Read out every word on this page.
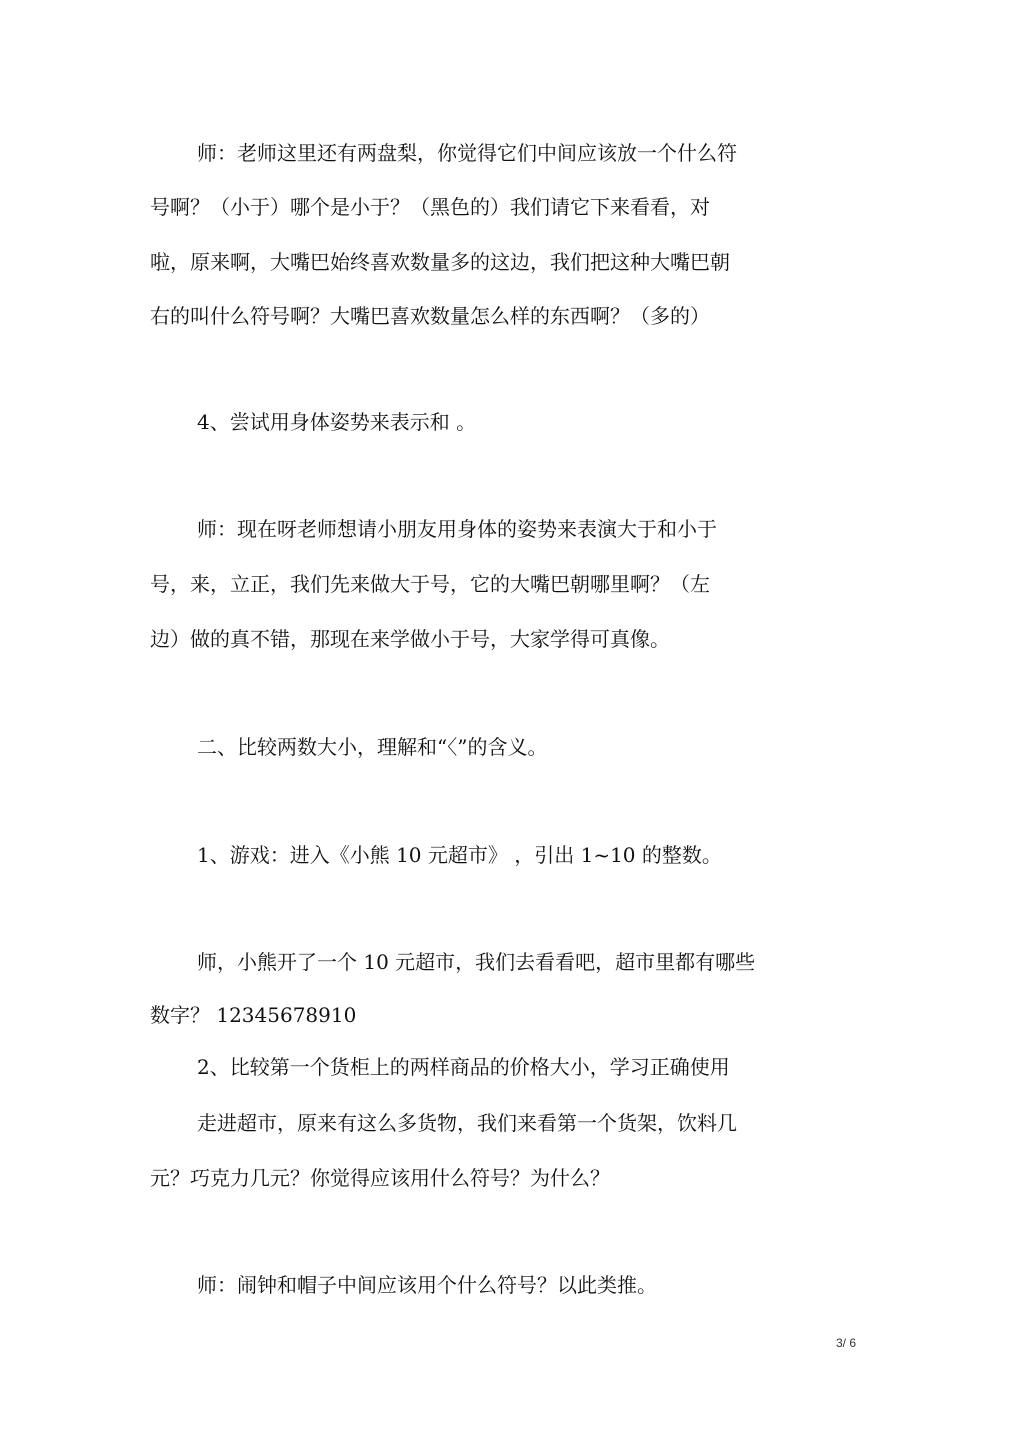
师：老师这里还有两盘梨，你觉得它们中间应该放一个什么符
号啊？（小于）哪个是小于？（黑色的）我们请它下来看看，对
啦，原来啊，大嘴巴始终喜欢数量多的这边，我们把这种大嘴巴朝
右的叫什么符号啊？大嘴巴喜欢数量怎么样的东西啊？（多的）
4、尝试用身体姿势来表示和 。
师：现在呀老师想请小朋友用身体的姿势来表演大于和小于
号，来，立正，我们先来做大于号，它的大嘴巴朝哪里啊？（左
边）做的真不错，那现在来学做小于号，大家学得可真像。
二、比较两数大小，理解和“〈”的含义。
1、游戏：进入《小熊 10 元超市》 ，引出 1~10 的整数。
师，小熊开了一个 10 元超市，我们去看看吧，超市里都有哪些
数字？ 12345678910
2、比较第一个货柜上的两样商品的价格大小，学习正确使用
走进超市，原来有这么多货物，我们来看第一个货架，饮料几
元？巧克力几元？你觉得应该用什么符号？为什么？
师：闹钟和帽子中间应该用个什么符号？以此类推。
3/ 6
